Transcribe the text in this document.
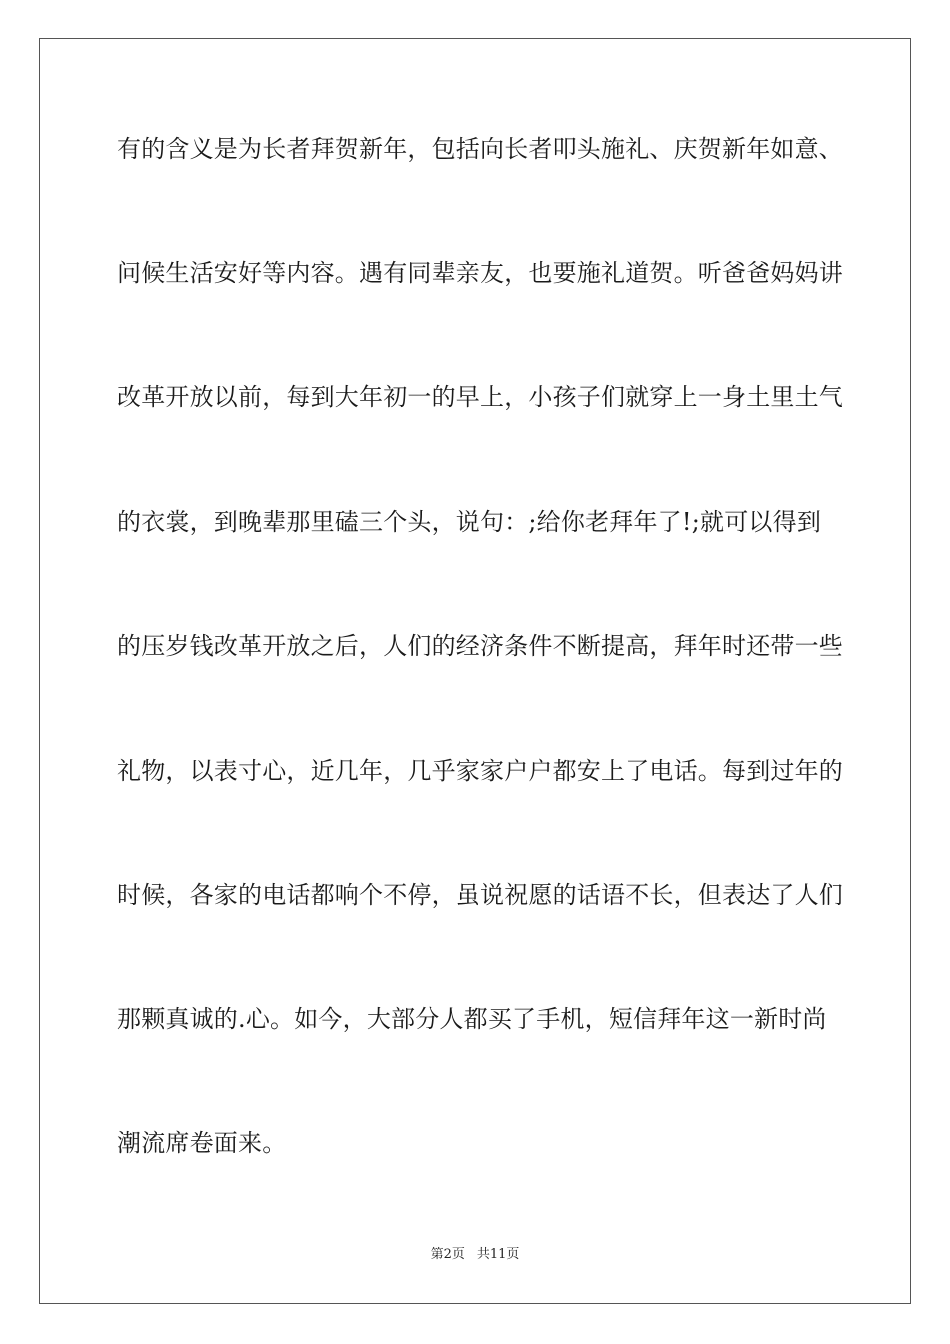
有的含义是为长者拜贺新年，包括向长者叩头施礼、庆贺新年如意、
问候生活安好等内容。遇有同辈亲友，也要施礼道贺。听爸爸妈妈讲
改革开放以前，每到大年初一的早上，小孩子们就穿上一身土里土气
的衣裳，到晚辈那里磕三个头，说句：;给你老拜年了!;就可以得到
的压岁钱改革开放之后，人们的经济条件不断提高，拜年时还带一些
礼物，以表寸心，近几年，几乎家家户户都安上了电话。每到过年的
时候，各家的电话都响个不停，虽说祝愿的话语不长，但表达了人们
那颗真诚的.心。如今，大部分人都买了手机，短信拜年这一新时尚
潮流席卷面来。
第2页 共11页
